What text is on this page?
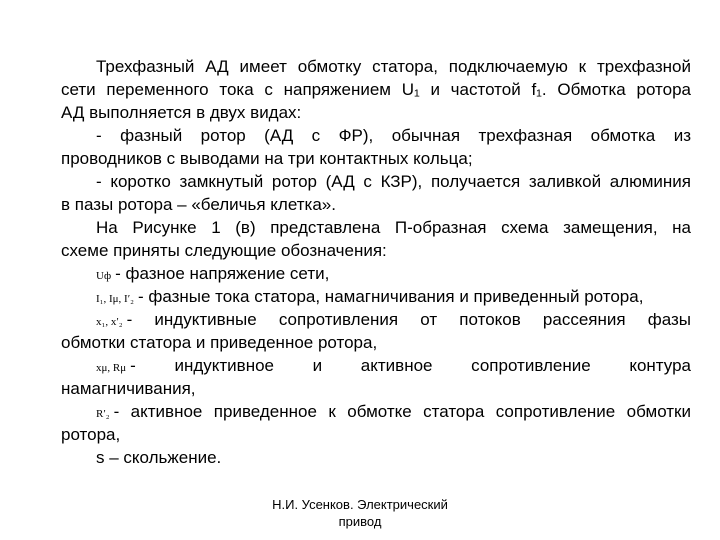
Трехфазный АД имеет обмотку статора, подключаемую к трехфазной
сети переменного тока с напряжением U₁ и частотой f₁. Обмотка ротора
АД выполняется в двух видах:
- фазный ротор (АД с ФР), обычная трехфазная обмотка из
проводников с выводами на три контактных кольца;
- коротко замкнутый ротор (АД с КЗР), получается заливкой алюминия
в пазы ротора – «беличья клетка».
На Рисунке 1 (в) представлена П-образная схема замещения, на
схеме приняты следующие обозначения:
Uф - фазное напряжение сети,
I₁, Iμ, I′₂ - фазные тока статора, намагничивания и приведенный ротора,
x₁, x′₂ - индуктивные сопротивления от потоков рассеяния фазы
обмотки статора и приведенное ротора,
xμ, Rμ - индуктивное и активное сопротивление контура
намагничивания,
R′₂ - активное приведенное к обмотке статора сопротивление обмотки
ротора,
s – скольжение.
Н.И. Усенков. Электрический
привод
